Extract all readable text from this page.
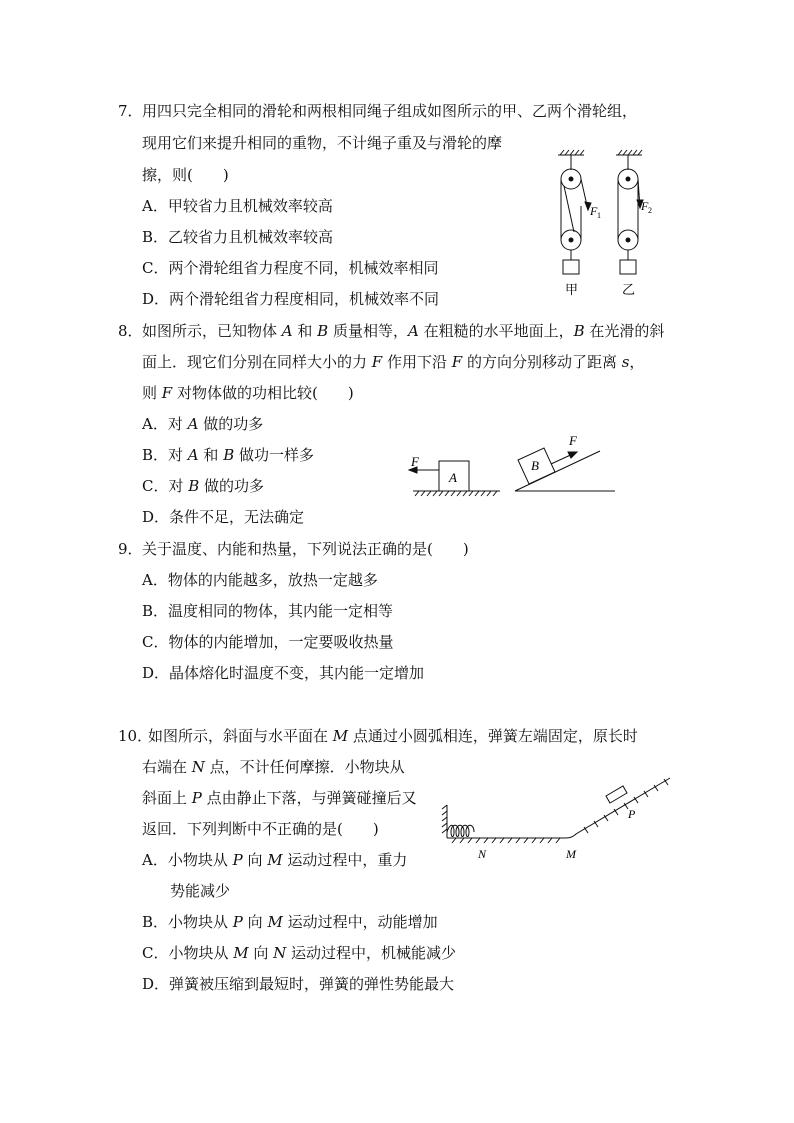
7． 用四只完全相同的滑轮和两根相同绳子组成如图所示的甲、乙两个滑轮组，
现用它们来提升相同的重物，不计绳子重及与滑轮的摩
擦，则(　　)
A．甲较省力且机械效率较高
B．乙较省力且机械效率较高
C．两个滑轮组省力程度不同，机械效率相同
D．两个滑轮组省力程度相同，机械效率不同
F 1
F 2
甲	乙
8． 如图所示，已知物体 A 和 B 质量相等，A 在粗糙的水平地面上，B 在光滑的斜
面上．现它们分别在同样大小的力 F 作用下沿 F 的方向分别移动了距离 s，
则 F 对物体做的功相比较(　　)
A．对 A 做的功多
B．对 A 和 B 做功一样多
C．对 B 做的功多
D．条件不足，无法确定
F
A
B
F
9． 关于温度、内能和热量，下列说法正确的是(　　)
A．物体的内能越多，放热一定越多
B．温度相同的物体，其内能一定相等
C．物体的内能增加，一定要吸收热量
D．晶体熔化时温度不变，其内能一定增加
10．
如图所示，斜面与水平面在 M 点通过小圆弧相连，弹簧左端固定，原长时
右端在 N 点，不计任何摩擦．小物块从
斜面上 P 点由静止下落，与弹簧碰撞后又
返回．下列判断中不正确的是(　　)
A．小物块从 P 向 M 运动过程中，重力
势能减少
B．小物块从 P 向 M 运动过程中，动能增加
C．小物块从 M 向 N 运动过程中，机械能减少
D．弹簧被压缩到最短时，弹簧的弹性势能最大
N	M
P
